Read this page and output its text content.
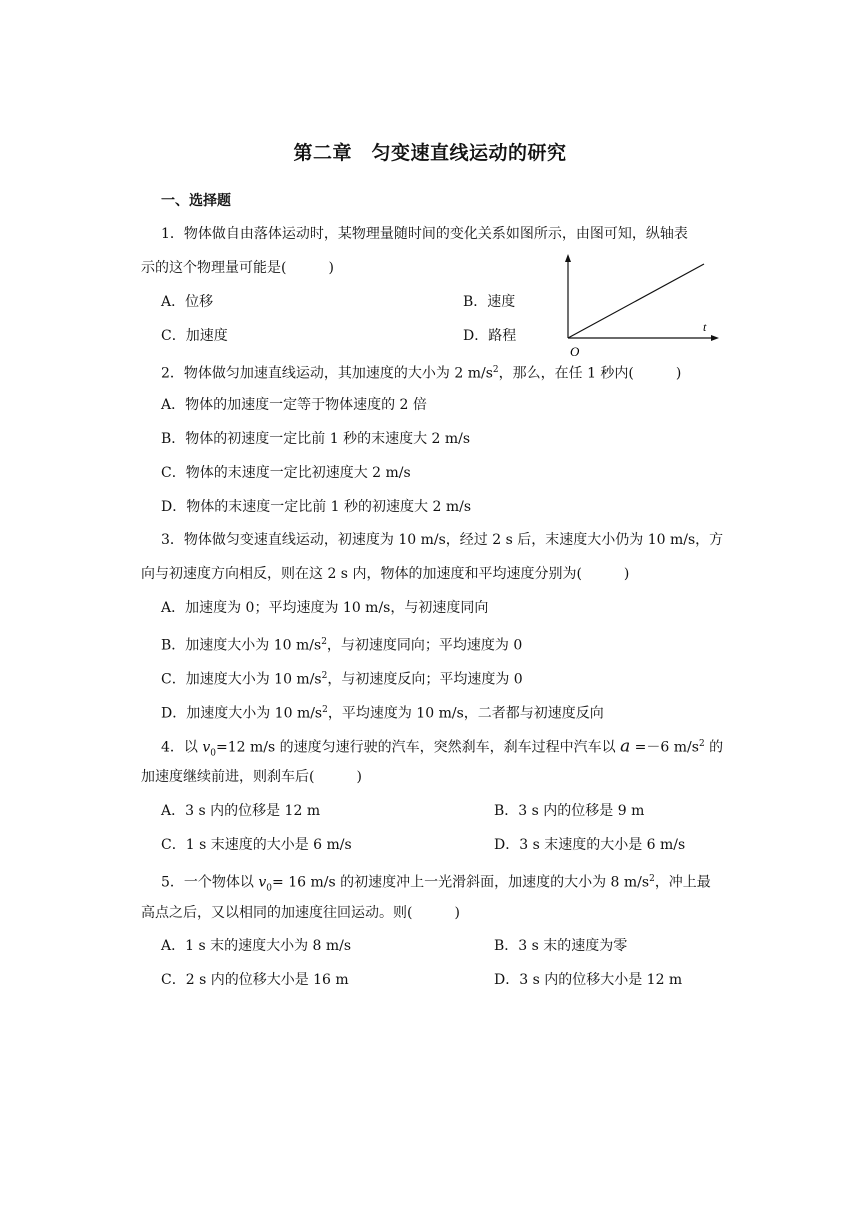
第二章　匀变速直线运动的研究
一、选择题
1．物体做自由落体运动时，某物理量随时间的变化关系如图所示，由图可知，纵轴表
示的这个物理量可能是(　　　)
A．位移	B．速度
C．加速度	D．路程
t
O
2．物体做匀加速直线运动，其加速度的大小为 2 $m/s^2$，那么，在任 1 秒内(　　　)
A．物体的加速度一定等于物体速度的 2 倍
B．物体的初速度一定比前 1 秒的末速度大 2 m/s
C．物体的末速度一定比初速度大 2 m/s
D．物体的末速度一定比前 1 秒的初速度大 2 m/s
3．物体做匀变速直线运动，初速度为 10 m/s，经过 2 s 后，末速度大小仍为 10 m/s，方
向与初速度方向相反，则在这 2 s 内，物体的加速度和平均速度分别为(　　　)
A．加速度为 0；平均速度为 10 m/s，与初速度同向
B．加速度大小为 10 $m/s^2$，与初速度同向；平均速度为 0
C．加速度大小为 10 $m/s^2$，与初速度反向；平均速度为 0
D．加速度大小为 10 $m/s^2$，平均速度为 10 m/s，二者都与初速度反向
4．以 $v_0=12$ m/s 的速度匀速行驶的汽车，突然刹车，刹车过程中汽车以 a =－6 $m/s^2$ 的
加速度继续前进，则刹车后(　　　)
A．3 s 内的位移是 12 m	B．3 s 内的位移是 9 m
C．1 s 末速度的大小是 6 m/s	D．3 s 末速度的大小是 6 m/s
5．一个物体以 $v_0= 16$ m/s 的初速度冲上一光滑斜面，加速度的大小为 8 $m/s^2$，冲上最
高点之后，又以相同的加速度往回运动。则(　　　)
A．1 s 末的速度大小为 8 m/s	B．3 s 末的速度为零
C．2 s 内的位移大小是 16 m	D．3 s 内的位移大小是 12 m
